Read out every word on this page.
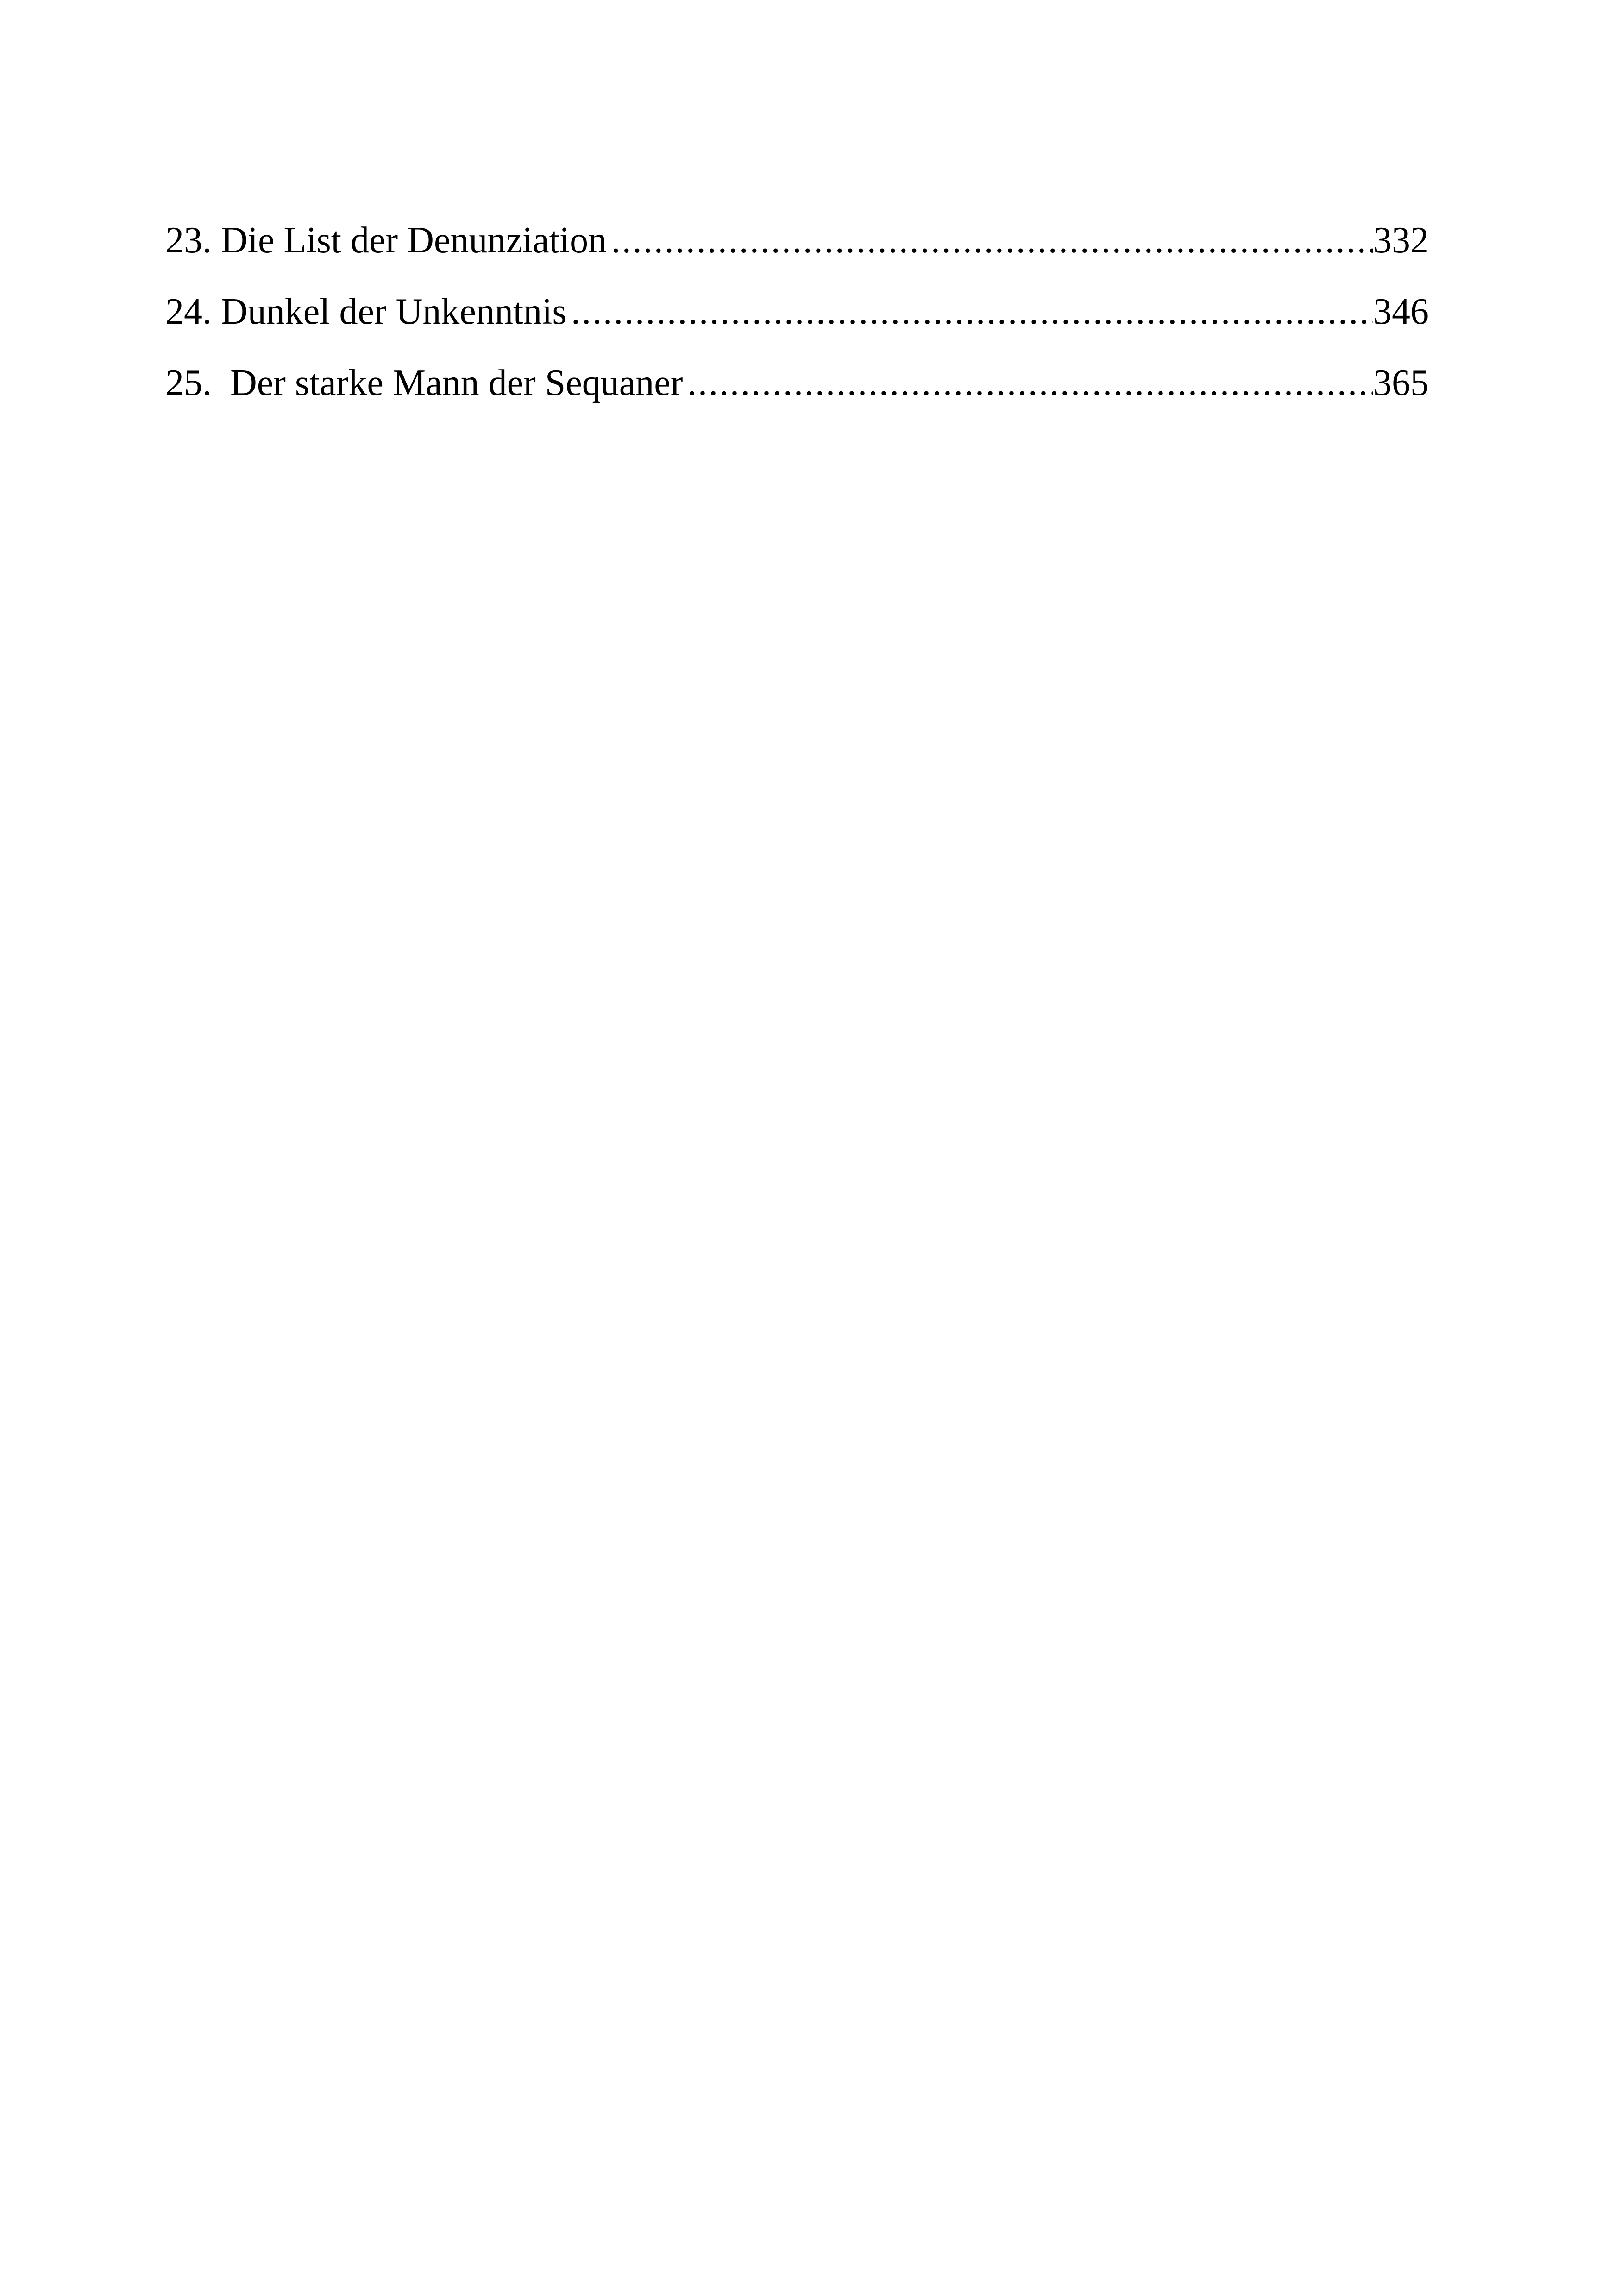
23. Die List der Denunziation .....	332
24. Dunkel der Unkenntnis .....	346
25.  Der starke Mann der Sequaner .....	365
